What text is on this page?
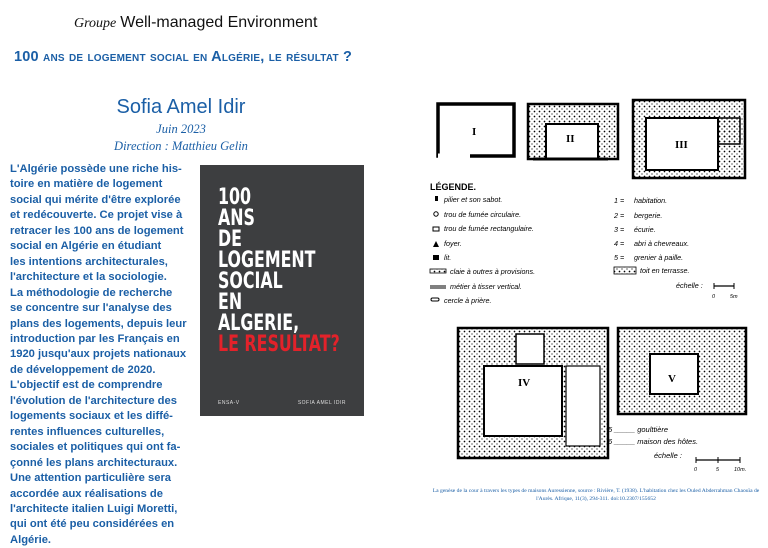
Groupe Well-managed Environment
100 ans de logement social en Algérie, le résultat ?
Sofia Amel Idir
Juin 2023
Direction : Matthieu Gelin

L'Algérie possède une riche his-
toire en matière de logement
social qui mérite d'être explorée
et redécouverte. Ce projet vise à
retracer les 100 ans de logement
social en Algérie en étudiant
les intentions architecturales,
l'architecture et la sociologie.
La méthodologie de recherche
se concentre sur l'analyse des
plans des logements, depuis leur
introduction par les Français en
1920 jusqu'aux projets nationaux
de développement de 2020.
L'objectif est de comprendre
l'évolution de l'architecture des
logements sociaux et les diffé-
rentes influences culturelles,
sociales et politiques qui ont fa-
çonné les plans architecturaux.
Une attention particulière sera
accordée aux réalisations de
l'architecte italien Luigi Moretti,
qui ont été peu considérées en
Algérie.

100
ANS
DE
LOGEMENT
SOCIAL
EN
ALGERIE,
LE RESULTAT?
ENSA-V	SOFIA AMEL IDIR
I
II	III
LÉGENDE.
pilier et son sabot.
trou de fumée circulaire.
trou de fumée rectangulaire.
foyer.
lit.
claie à outres à provisions.
métier à tisser vertical.
cercle à prière.
1 = habitation.
2 = bergerie.
3 = écurie.
4 = abri à chevreaux.
5 = grenier à paille.
toit en terrasse.
échelle :
0	5m
IV	V
5 _____ goulttière
6 _____ maison des hôtes.
échelle :
0	5	10m.
La genèse de la cour à travers les types de maisons Auressienne, source : Rivière, T. (1938). L'habitation chez les Ouled Abderrahman Chaouïa de l'Aurès. Afrique, 11(3), 294-311. doi:10.2307/155652
